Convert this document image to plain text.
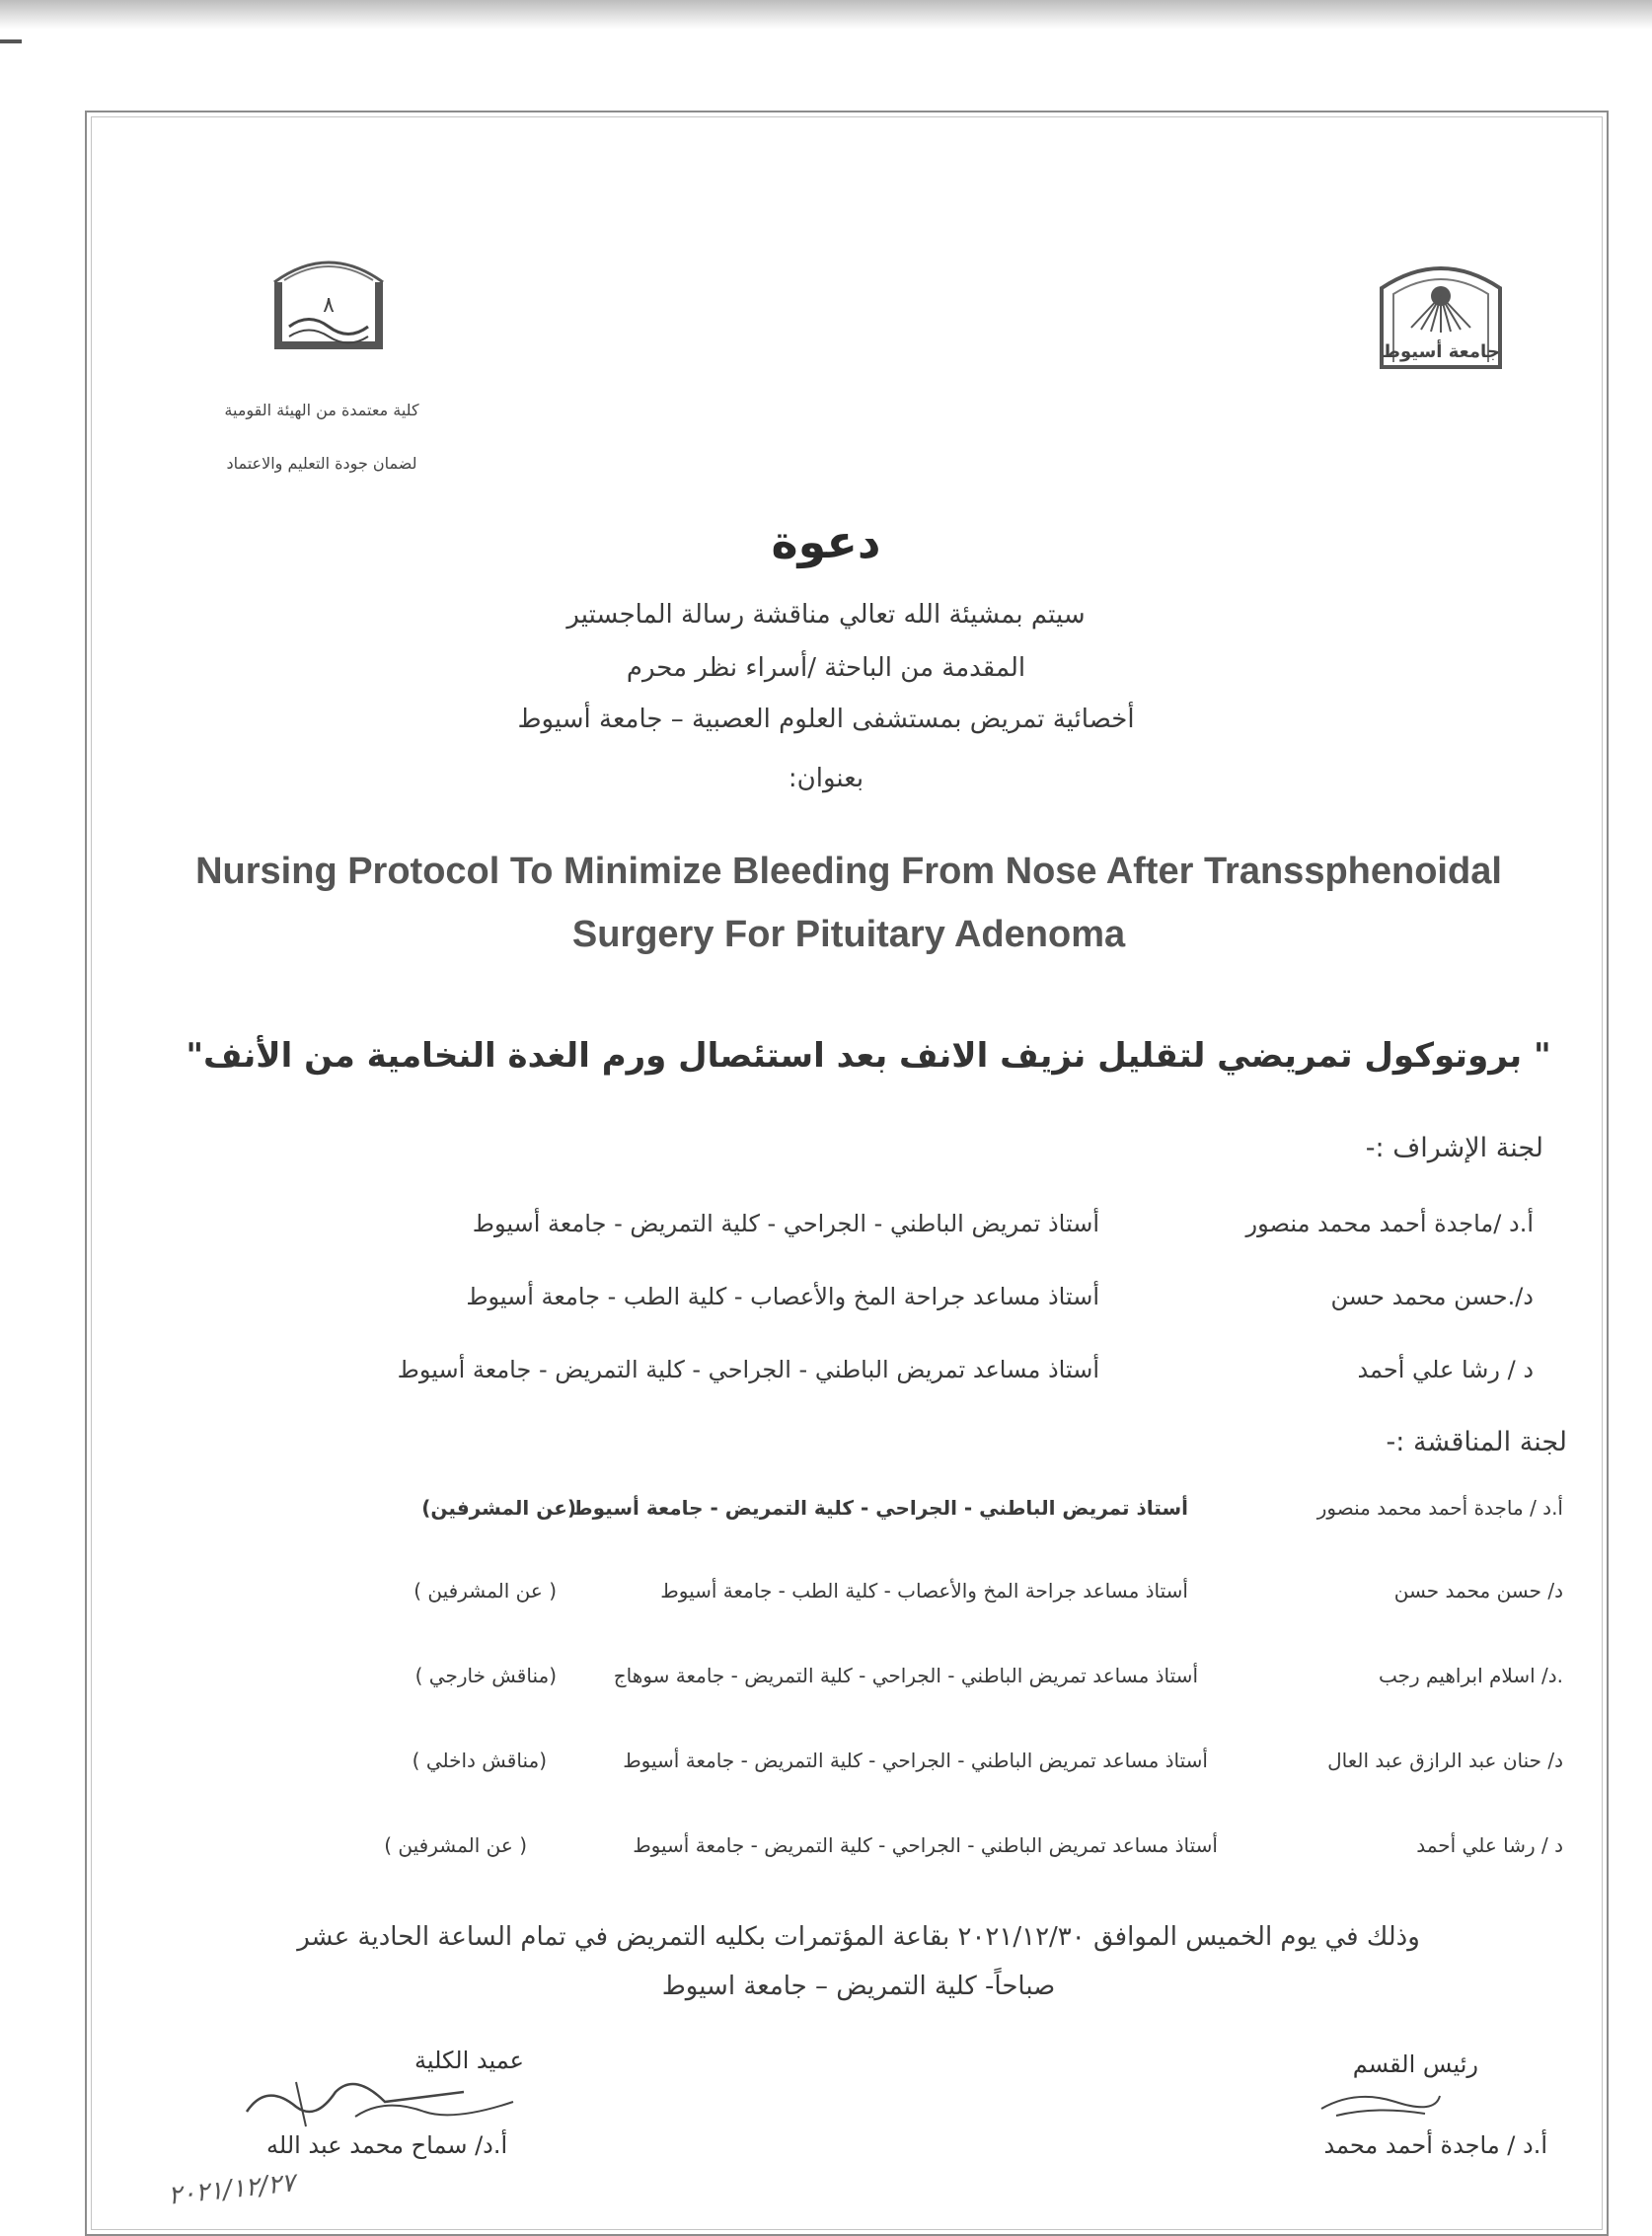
٨
جامعة أسيوط
كلية معتمدة من الهيئة القومية
لضمان جودة التعليم والاعتماد
دعوة
سيتم بمشيئة الله تعالي مناقشة رسالة الماجستير
المقدمة من الباحثة /أسراء نظر محرم
أخصائية تمريض بمستشفى العلوم العصبية – جامعة أسيوط
بعنوان:
Nursing Protocol To Minimize Bleeding From Nose After Transsphenoidal
Surgery For Pituitary Adenoma
" بروتوكول تمريضي لتقليل نزيف الانف بعد استئصال ورم الغدة النخامية من الأنف"
لجنة الإشراف :-
أ.د /ماجدة أحمد محمد منصور
أستاذ تمريض الباطني - الجراحي - كلية التمريض - جامعة أسيوط
د/.حسن محمد حسن
أستاذ مساعد جراحة المخ والأعصاب - كلية الطب - جامعة أسيوط
د / رشا علي أحمد
أستاذ مساعد تمريض الباطني - الجراحي - كلية التمريض - جامعة أسيوط
لجنة المناقشة :-
أ.د / ماجدة أحمد محمد منصور
أستاذ تمريض الباطني - الجراحي - كلية التمريض - جامعة أسيوط
(عن المشرفين)
د/ حسن محمد حسن
أستاذ مساعد جراحة المخ والأعصاب - كلية الطب - جامعة أسيوط
( عن المشرفين )
.د/ اسلام ابراهيم رجب
أستاذ مساعد تمريض الباطني - الجراحي - كلية التمريض - جامعة سوهاج
(مناقش خارجي )
د/ حنان عبد الرازق عبد العال
أستاذ مساعد تمريض الباطني - الجراحي - كلية التمريض - جامعة أسيوط
(مناقش داخلي )
د / رشا علي أحمد
أستاذ مساعد تمريض الباطني - الجراحي - كلية التمريض - جامعة أسيوط
( عن المشرفين )
وذلك في يوم الخميس الموافق ٢٠٢١/١٢/٣٠ بقاعة المؤتمرات بكليه التمريض في تمام الساعة الحادية عشر
صباحاً- كلية التمريض – جامعة اسيوط
رئيس القسم
أ.د / ماجدة أحمد محمد
عميد الكلية
أ.د/ سماح محمد عبد الله
٢٠٢١/١٢/٢٧
